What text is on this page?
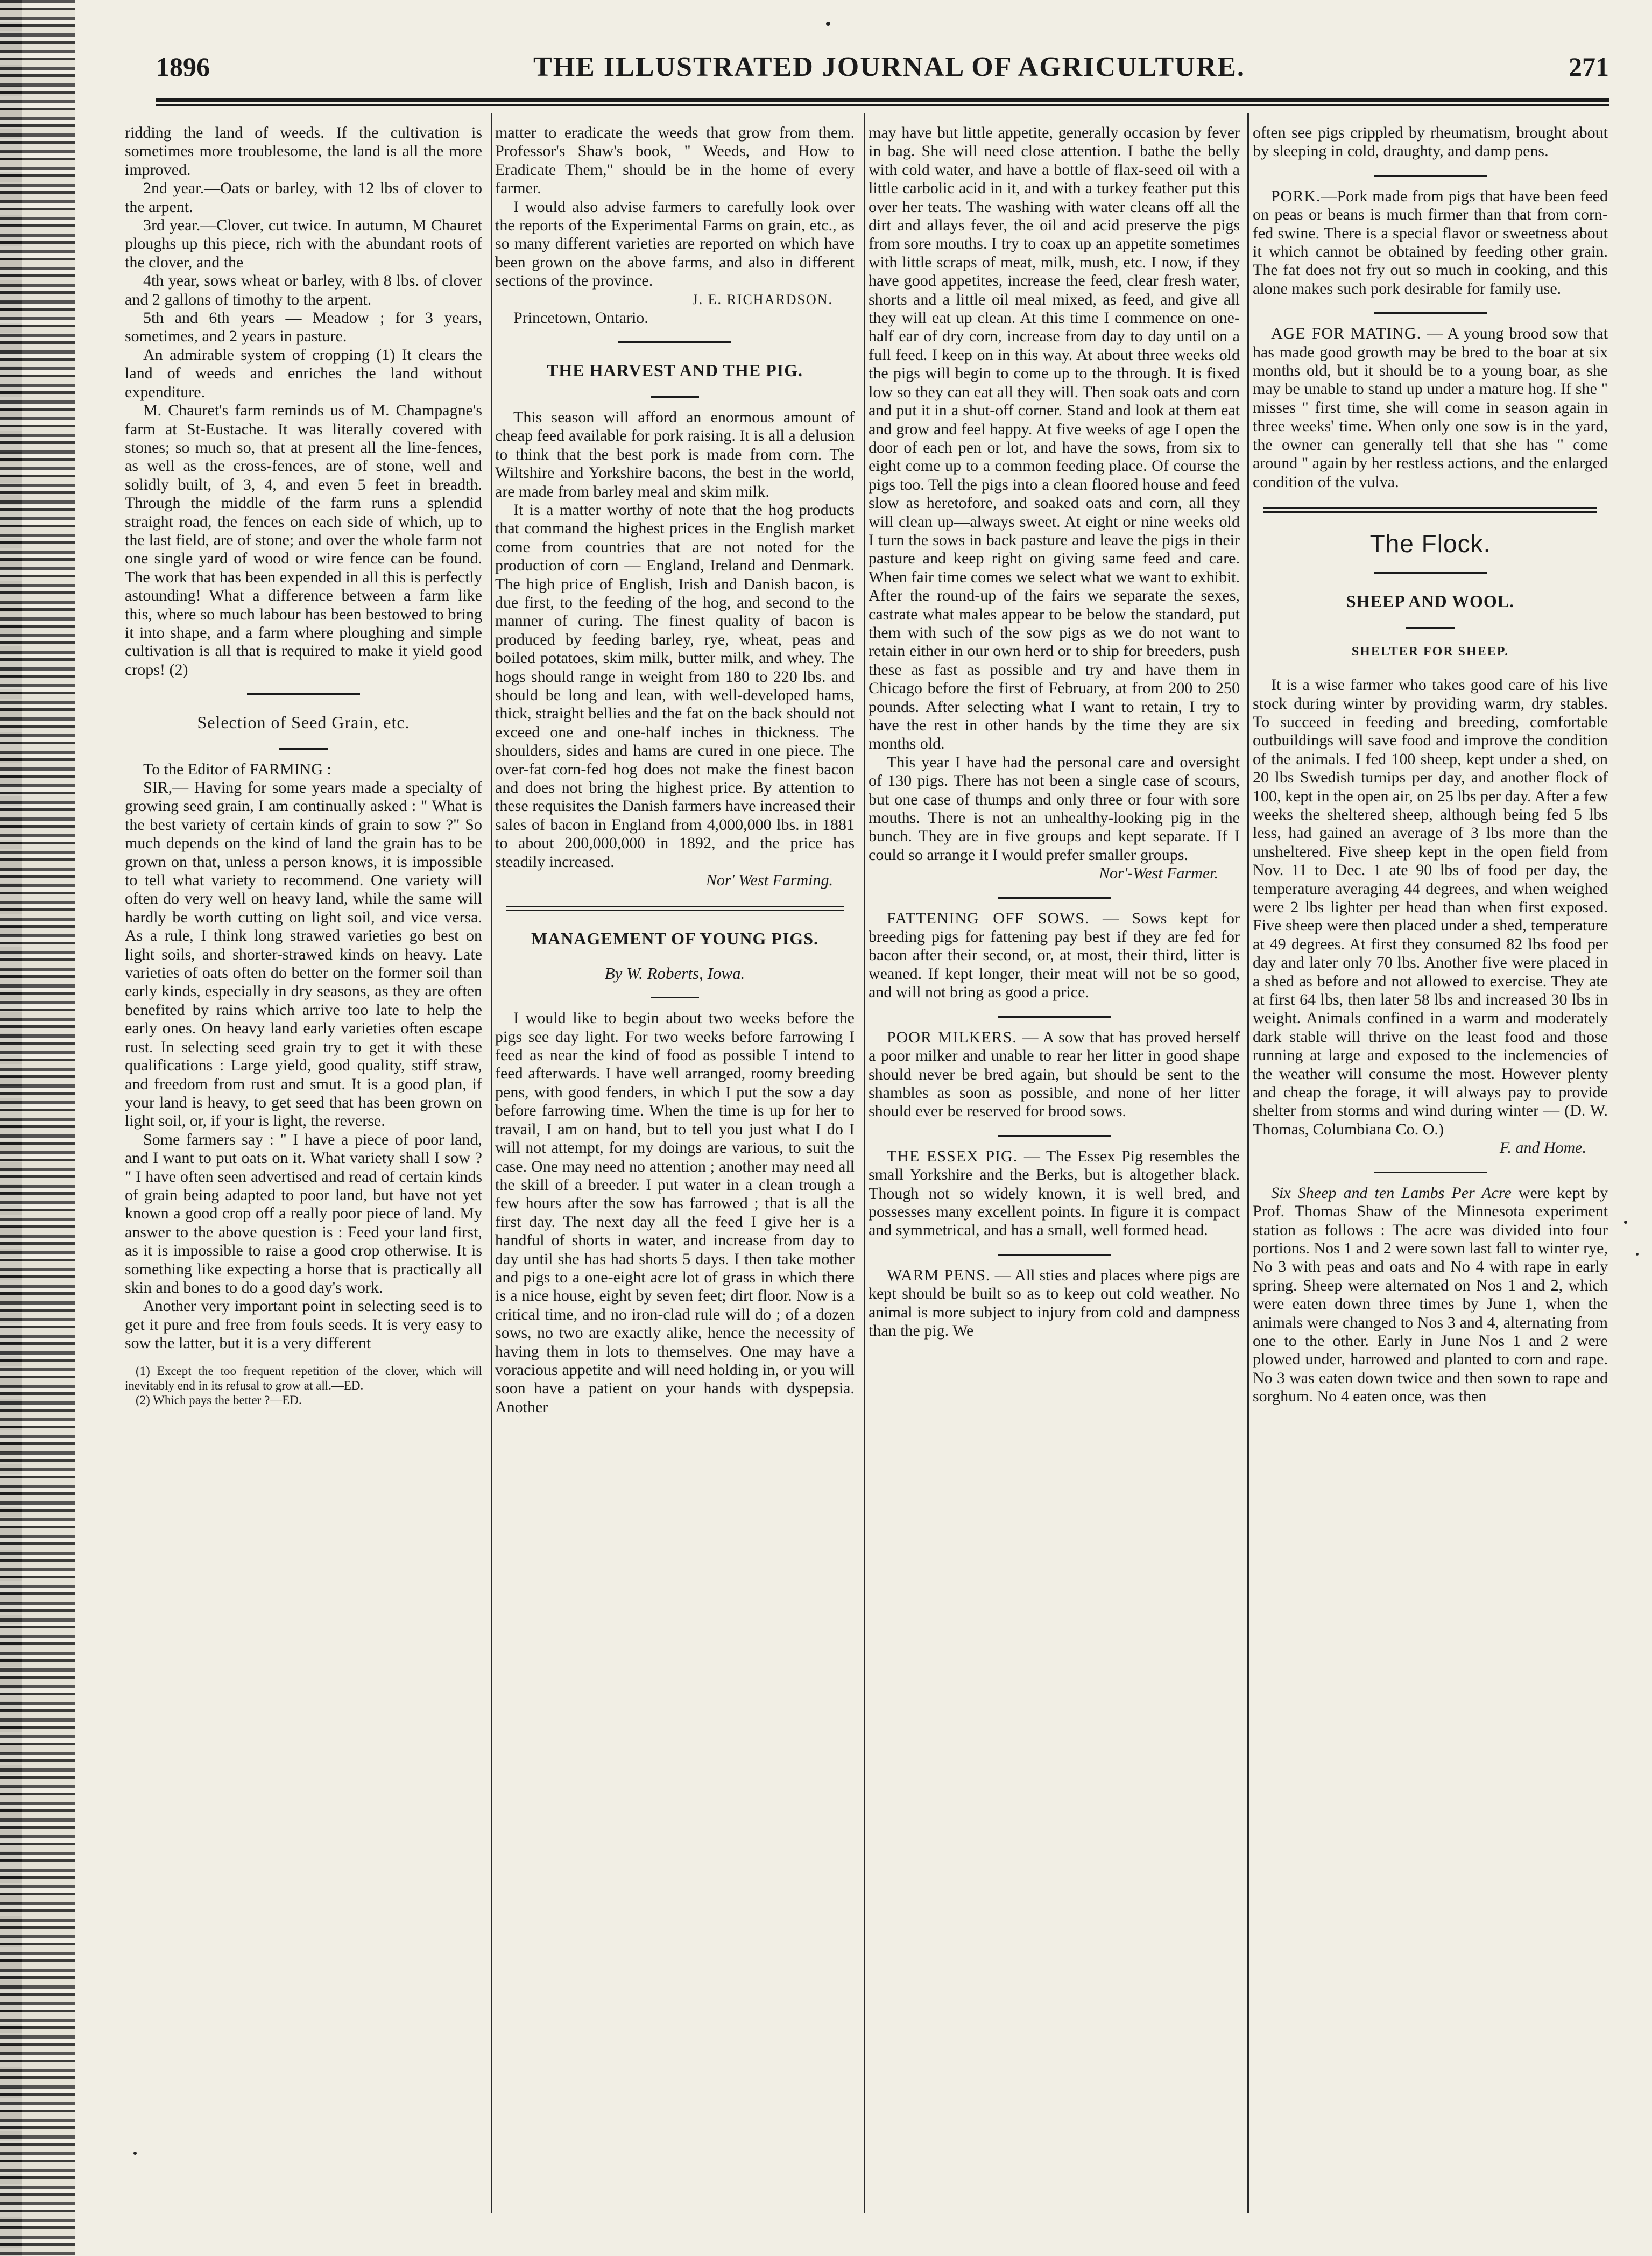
1896	THE ILLUSTRATED JOURNAL OF AGRICULTURE.	271

ridding the land of weeds. If the cultivation is sometimes more troublesome, the land is all the more improved.

2nd year.—Oats or barley, with 12 lbs of clover to the arpent.

3rd year.—Clover, cut twice. In autumn, M Chauret ploughs up this piece, rich with the abundant roots of the clover, and the

4th year, sows wheat or barley, with 8 lbs. of clover and 2 gallons of timothy to the arpent.

5th and 6th years — Meadow ; for 3 years, sometimes, and 2 years in pasture.

An admirable system of cropping (1) It clears the land of weeds and enriches the land without expenditure.

M. Chauret's farm reminds us of M. Champagne's farm at St-Eustache. It was literally covered with stones; so much so, that at present all the line-fences, as well as the cross-fences, are of stone, well and solidly built, of 3, 4, and even 5 feet in breadth. Through the middle of the farm runs a splendid straight road, the fences on each side of which, up to the last field, are of stone; and over the whole farm not one single yard of wood or wire fence can be found. The work that has been expended in all this is perfectly astounding! What a difference between a farm like this, where so much labour has been bestowed to bring it into shape, and a farm where ploughing and simple cultivation is all that is required to make it yield good crops! (2)

Selection of Seed Grain, etc.

To the Editor of FARMING :

SIR,— Having for some years made a specialty of growing seed grain, I am continually asked : " What is the best variety of certain kinds of grain to sow ?" So much depends on the kind of land the grain has to be grown on that, unless a person knows, it is impossible to tell what variety to recommend. One variety will often do very well on heavy land, while the same will hardly be worth cutting on light soil, and vice versa. As a rule, I think long strawed varieties go best on light soils, and shorter-strawed kinds on heavy. Late varieties of oats often do better on the former soil than early kinds, especially in dry seasons, as they are often benefited by rains which arrive too late to help the early ones. On heavy land early varieties often escape rust. In selecting seed grain try to get it with these qualifications : Large yield, good quality, stiff straw, and freedom from rust and smut. It is a good plan, if your land is heavy, to get seed that has been grown on light soil, or, if your is light, the reverse.

Some farmers say : " I have a piece of poor land, and I want to put oats on it. What variety shall I sow ? " I have often seen advertised and read of certain kinds of grain being adapted to poor land, but have not yet known a good crop off a really poor piece of land. My answer to the above question is : Feed your land first, as it is impossible to raise a good crop otherwise. It is something like expecting a horse that is practically all skin and bones to do a good day's work.

Another very important point in selecting seed is to get it pure and free from fouls seeds. It is very easy to sow the latter, but it is a very different

(1) Except the too frequent repetition of the clover, which will inevitably end in its refusal to grow at all.—ED.

(2) Which pays the better ?—ED.

matter to eradicate the weeds that grow from them. Professor's Shaw's book, " Weeds, and How to Eradicate Them," should be in the home of every farmer.

I would also advise farmers to carefully look over the reports of the Experimental Farms on grain, etc., as so many different varieties are reported on which have been grown on the above farms, and also in different sections of the province.

J. E. RICHARDSON.

Princetown, Ontario.

THE HARVEST AND THE PIG.

This season will afford an enormous amount of cheap feed available for pork raising. It is all a delusion to think that the best pork is made from corn. The Wiltshire and Yorkshire bacons, the best in the world, are made from barley meal and skim milk.

It is a matter worthy of note that the hog products that command the highest prices in the English market come from countries that are not noted for the production of corn — England, Ireland and Denmark. The high price of English, Irish and Danish bacon, is due first, to the feeding of the hog, and second to the manner of curing. The finest quality of bacon is produced by feeding barley, rye, wheat, peas and boiled potatoes, skim milk, butter milk, and whey. The hogs should range in weight from 180 to 220 lbs. and should be long and lean, with well-developed hams, thick, straight bellies and the fat on the back should not exceed one and one-half inches in thickness. The shoulders, sides and hams are cured in one piece. The over-fat corn-fed hog does not make the finest bacon and does not bring the highest price. By attention to these requisites the Danish farmers have increased their sales of bacon in England from 4,000,000 lbs. in 1881 to about 200,000,000 in 1892, and the price has steadily increased.

Nor' West Farming.

MANAGEMENT OF YOUNG PIGS.
By W. Roberts, Iowa.

I would like to begin about two weeks before the pigs see day light. For two weeks before farrowing I feed as near the kind of food as possible I intend to feed afterwards. I have well arranged, roomy breeding pens, with good fenders, in which I put the sow a day before farrowing time. When the time is up for her to travail, I am on hand, but to tell you just what I do I will not attempt, for my doings are various, to suit the case. One may need no attention ; another may need all the skill of a breeder. I put water in a clean trough a few hours after the sow has farrowed ; that is all the first day. The next day all the feed I give her is a handful of shorts in water, and increase from day to day until she has had shorts 5 days. I then take mother and pigs to a one-eight acre lot of grass in which there is a nice house, eight by seven feet; dirt floor. Now is a critical time, and no iron-clad rule will do ; of a dozen sows, no two are exactly alike, hence the necessity of having them in lots to themselves. One may have a voracious appetite and will need holding in, or you will soon have a patient on your hands with dyspepsia. Another

may have but little appetite, generally occasion by fever in bag. She will need close attention. I bathe the belly with cold water, and have a bottle of flax-seed oil with a little carbolic acid in it, and with a turkey feather put this over her teats. The washing with water cleans off all the dirt and allays fever, the oil and acid preserve the pigs from sore mouths. I try to coax up an appetite sometimes with little scraps of meat, milk, mush, etc. I now, if they have good appetites, increase the feed, clear fresh water, shorts and a little oil meal mixed, as feed, and give all they will eat up clean. At this time I commence on one-half ear of dry corn, increase from day to day until on a full feed. I keep on in this way. At about three weeks old the pigs will begin to come up to the through. It is fixed low so they can eat all they will. Then soak oats and corn and put it in a shut-off corner. Stand and look at them eat and grow and feel happy. At five weeks of age I open the door of each pen or lot, and have the sows, from six to eight come up to a common feeding place. Of course the pigs too. Tell the pigs into a clean floored house and feed slow as heretofore, and soaked oats and corn, all they will clean up—always sweet. At eight or nine weeks old I turn the sows in back pasture and leave the pigs in their pasture and keep right on giving same feed and care. When fair time comes we select what we want to exhibit. After the round-up of the fairs we separate the sexes, castrate what males appear to be below the standard, put them with such of the sow pigs as we do not want to retain either in our own herd or to ship for breeders, push these as fast as possible and try and have them in Chicago before the first of February, at from 200 to 250 pounds. After selecting what I want to retain, I try to have the rest in other hands by the time they are six months old.

This year I have had the personal care and oversight of 130 pigs. There has not been a single case of scours, but one case of thumps and only three or four with sore mouths. There is not an unhealthy-looking pig in the bunch. They are in five groups and kept separate. If I could so arrange it I would prefer smaller groups.

Nor'-West Farmer.

FATTENING OFF SOWS. — Sows kept for breeding pigs for fattening pay best if they are fed for bacon after their second, or, at most, their third, litter is weaned. If kept longer, their meat will not be so good, and will not bring as good a price.

POOR MILKERS. — A sow that has proved herself a poor milker and unable to rear her litter in good shape should never be bred again, but should be sent to the shambles as soon as possible, and none of her litter should ever be reserved for brood sows.

THE ESSEX PIG. — The Essex Pig resembles the small Yorkshire and the Berks, but is altogether black. Though not so widely known, it is well bred, and possesses many excellent points. In figure it is compact and symmetrical, and has a small, well formed head.

WARM PENS. — All sties and places where pigs are kept should be built so as to keep out cold weather. No animal is more subject to injury from cold and dampness than the pig. We

often see pigs crippled by rheumatism, brought about by sleeping in cold, draughty, and damp pens.

PORK.—Pork made from pigs that have been feed on peas or beans is much firmer than that from corn-fed swine. There is a special flavor or sweetness about it which cannot be obtained by feeding other grain. The fat does not fry out so much in cooking, and this alone makes such pork desirable for family use.

AGE FOR MATING. — A young brood sow that has made good growth may be bred to the boar at six months old, but it should be to a young boar, as she may be unable to stand up under a mature hog. If she " misses " first time, she will come in season again in three weeks' time. When only one sow is in the yard, the owner can generally tell that she has " come around " again by her restless actions, and the enlarged condition of the vulva.

The Flock.
SHEEP AND WOOL.
SHELTER FOR SHEEP.

It is a wise farmer who takes good care of his live stock during winter by providing warm, dry stables. To succeed in feeding and breeding, comfortable outbuildings will save food and improve the condition of the animals. I fed 100 sheep, kept under a shed, on 20 lbs Swedish turnips per day, and another flock of 100, kept in the open air, on 25 lbs per day. After a few weeks the sheltered sheep, although being fed 5 lbs less, had gained an average of 3 lbs more than the unsheltered. Five sheep kept in the open field from Nov. 11 to Dec. 1 ate 90 lbs of food per day, the temperature averaging 44 degrees, and when weighed were 2 lbs lighter per head than when first exposed. Five sheep were then placed under a shed, temperature at 49 degrees. At first they consumed 82 lbs food per day and later only 70 lbs. Another five were placed in a shed as before and not allowed to exercise. They ate at first 64 lbs, then later 58 lbs and increased 30 lbs in weight. Animals confined in a warm and moderately dark stable will thrive on the least food and those running at large and exposed to the inclemencies of the weather will consume the most. However plenty and cheap the forage, it will always pay to provide shelter from storms and wind during winter — (D. W. Thomas, Columbiana Co. O.)

F. and Home.

Six Sheep and ten Lambs Per Acre were kept by Prof. Thomas Shaw of the Minnesota experiment station as follows : The acre was divided into four portions. Nos 1 and 2 were sown last fall to winter rye, No 3 with peas and oats and No 4 with rape in early spring. Sheep were alternated on Nos 1 and 2, which were eaten down three times by June 1, when the animals were changed to Nos 3 and 4, alternating from one to the other. Early in June Nos 1 and 2 were plowed under, harrowed and planted to corn and rape. No 3 was eaten down twice and then sown to rape and sorghum. No 4 eaten once, was then
